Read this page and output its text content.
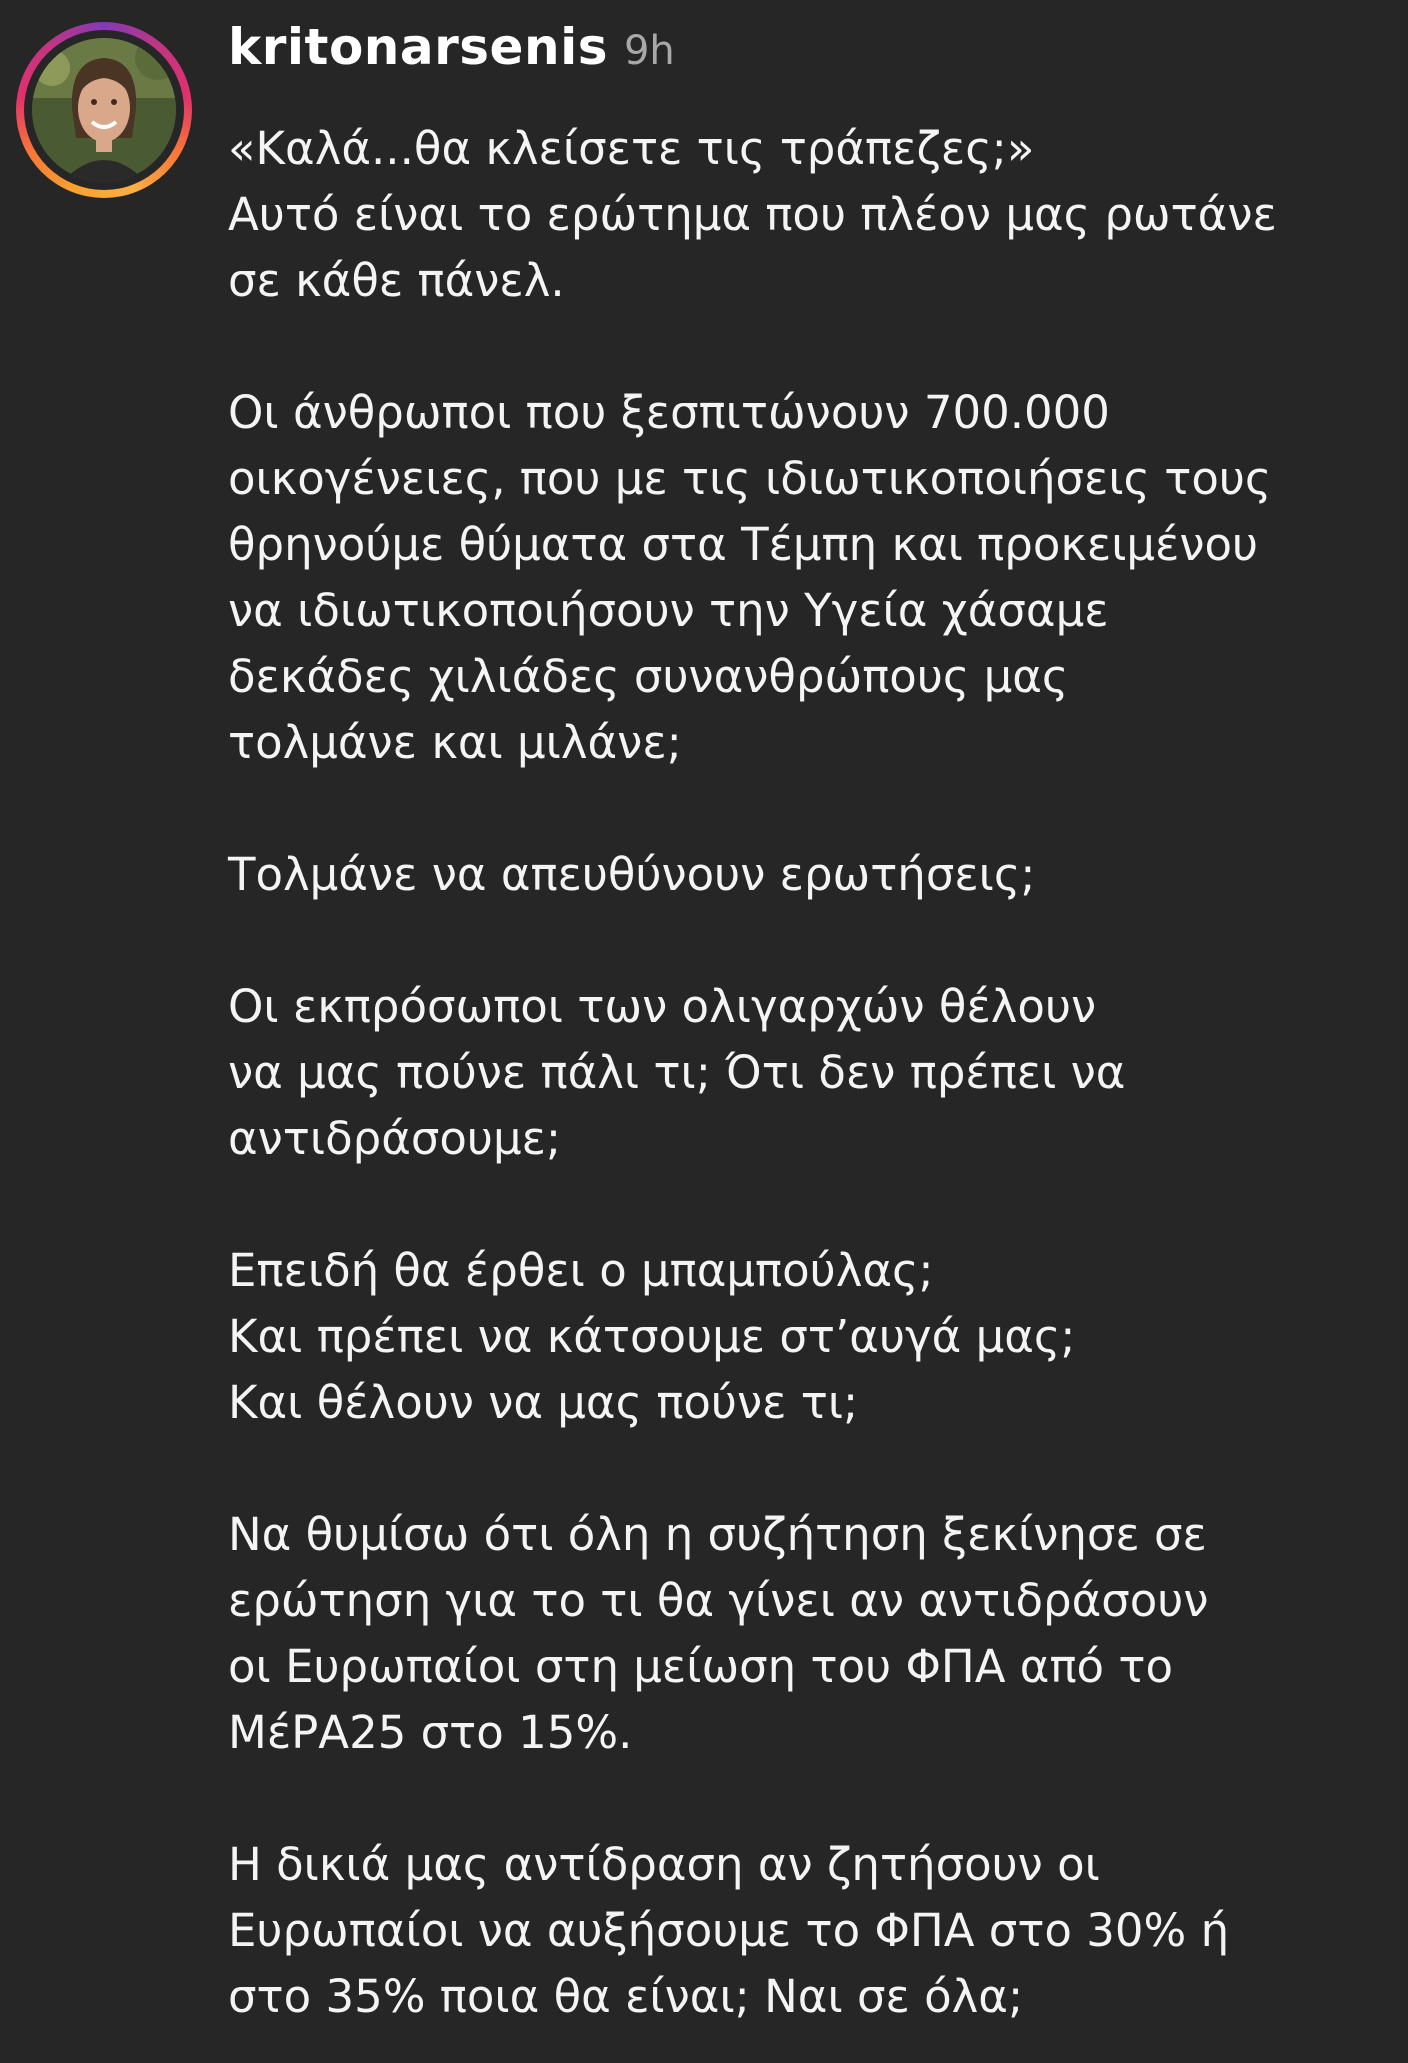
kritonarsenis 9h
«Καλά...θα κλείσετε τις τράπεζες;»
Αυτό είναι το ερώτημα που πλέον μας ρωτάνε
σε κάθε πάνελ.
Οι άνθρωποι που ξεσπιτώνουν 700.000
οικογένειες, που με τις ιδιωτικοποιήσεις τους
θρηνούμε θύματα στα Τέμπη και προκειμένου
να ιδιωτικοποιήσουν την Υγεία χάσαμε
δεκάδες χιλιάδες συνανθρώπους μας
τολμάνε και μιλάνε;
Τολμάνε να απευθύνουν ερωτήσεις;
Οι εκπρόσωποι των ολιγαρχών θέλουν
να μας πούνε πάλι τι; Ότι δεν πρέπει να
αντιδράσουμε;
Επειδή θα έρθει ο μπαμπούλας;
Και πρέπει να κάτσουμε στ’αυγά μας;
Και θέλουν να μας πούνε τι;
Να θυμίσω ότι όλη η συζήτηση ξεκίνησε σε
ερώτηση για το τι θα γίνει αν αντιδράσουν
οι Ευρωπαίοι στη μείωση του ΦΠΑ από το
ΜέΡΑ25 στο 15%.
Η δικιά μας αντίδραση αν ζητήσουν οι
Ευρωπαίοι να αυξήσουμε το ΦΠΑ στο 30% ή
στο 35% ποια θα είναι; Ναι σε όλα;
